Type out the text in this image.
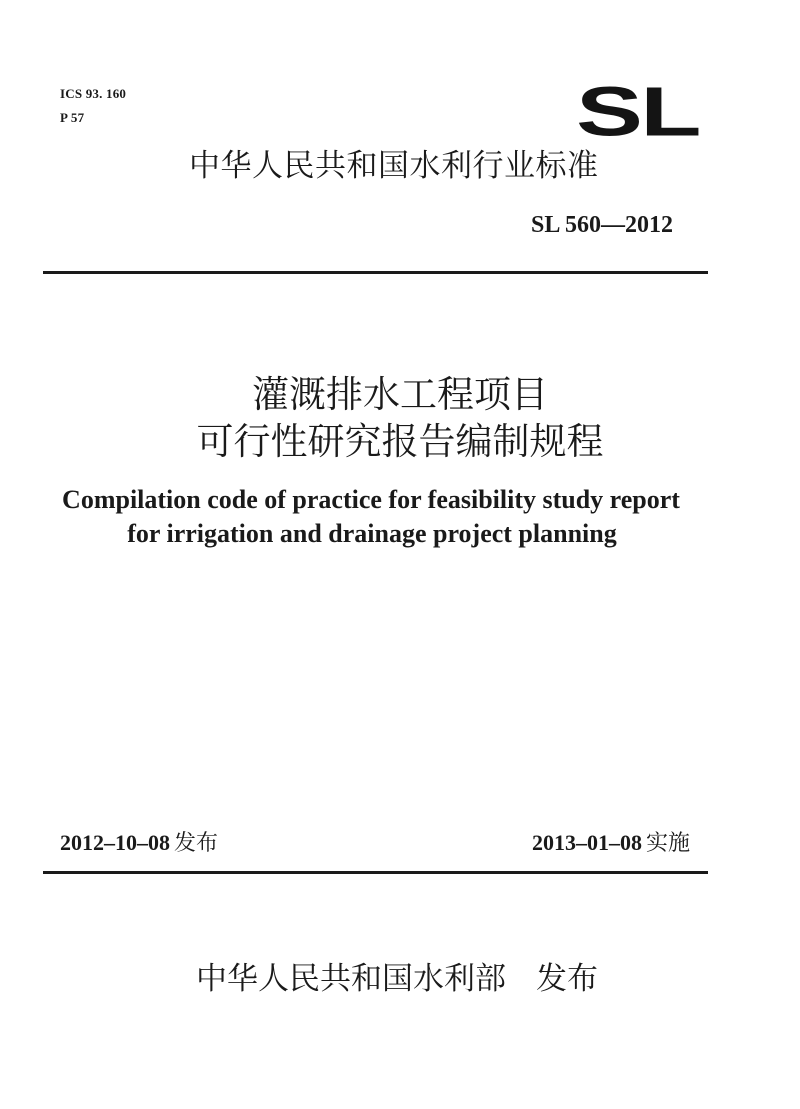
ICS 93. 160
P 57	SL
中华人民共和国水利行业标准
SL 560—2012
灌溉排水工程项目
可行性研究报告编制规程
Compilation code of practice for feasibility study report
for irrigation and drainage project planning
2012–10–08 发布	2013–01–08 实施
中华人民共和国水利部 发布
